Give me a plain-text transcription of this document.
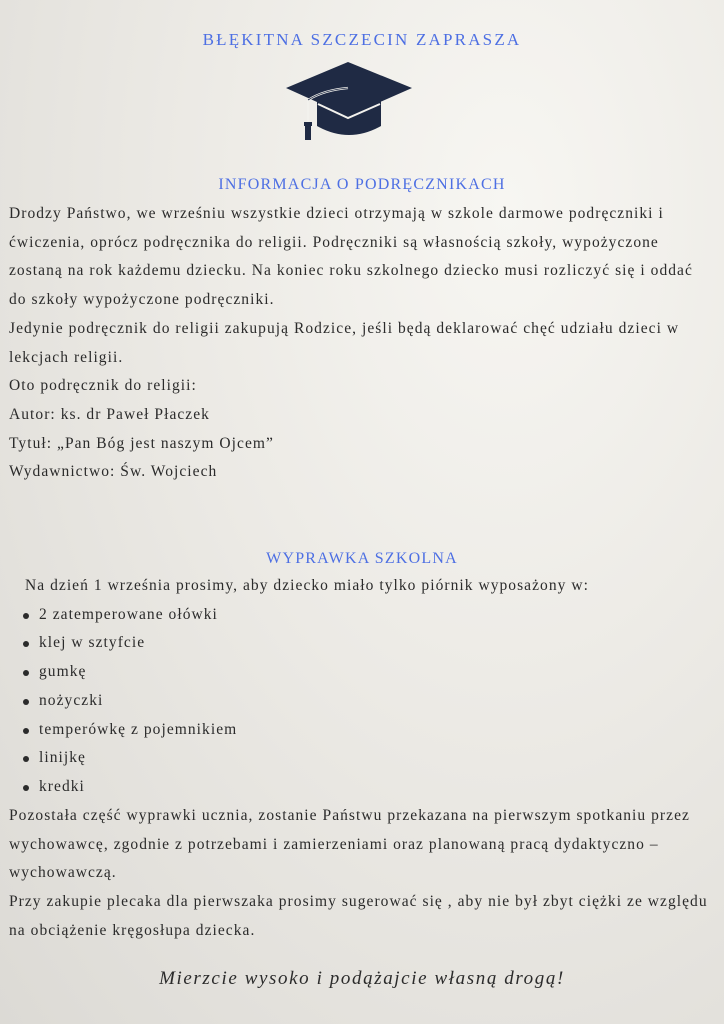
BŁĘKITNA SZCZECIN ZAPRASZA
INFORMACJA O PODRĘCZNIKACH

Drodzy Państwo, we wrześniu wszystkie dzieci otrzymają w szkole darmowe podręczniki i ćwiczenia, oprócz podręcznika do religii. Podręczniki są własnością szkoły, wypożyczone zostaną na rok każdemu dziecku. Na koniec roku szkolnego dziecko musi rozliczyć się i oddać do szkoły wypożyczone podręczniki.

Jedynie podręcznik do religii zakupują Rodzice, jeśli będą deklarować chęć udziału dzieci w lekcjach religii.

Oto podręcznik do religii:

Autor: ks. dr Paweł Płaczek

Tytuł: „Pan Bóg jest naszym Ojcem”

Wydawnictwo: Św. Wojciech

WYPRAWKA SZKOLNA

Na dzień 1 września prosimy, aby dziecko miało tylko piórnik wyposażony w:

2 zatemperowane ołówki
klej w sztyfcie
gumkę
nożyczki
temperówkę z pojemnikiem
linijkę
kredki

Pozostała część wyprawki ucznia, zostanie Państwu przekazana na pierwszym spotkaniu przez wychowawcę, zgodnie z potrzebami i zamierzeniami oraz planowaną pracą dydaktyczno – wychowawczą.

Przy zakupie plecaka dla pierwszaka prosimy sugerować się , aby nie był zbyt ciężki ze względu na obciążenie kręgosłupa dziecka.

Mierzcie wysoko i podążajcie własną drogą!
